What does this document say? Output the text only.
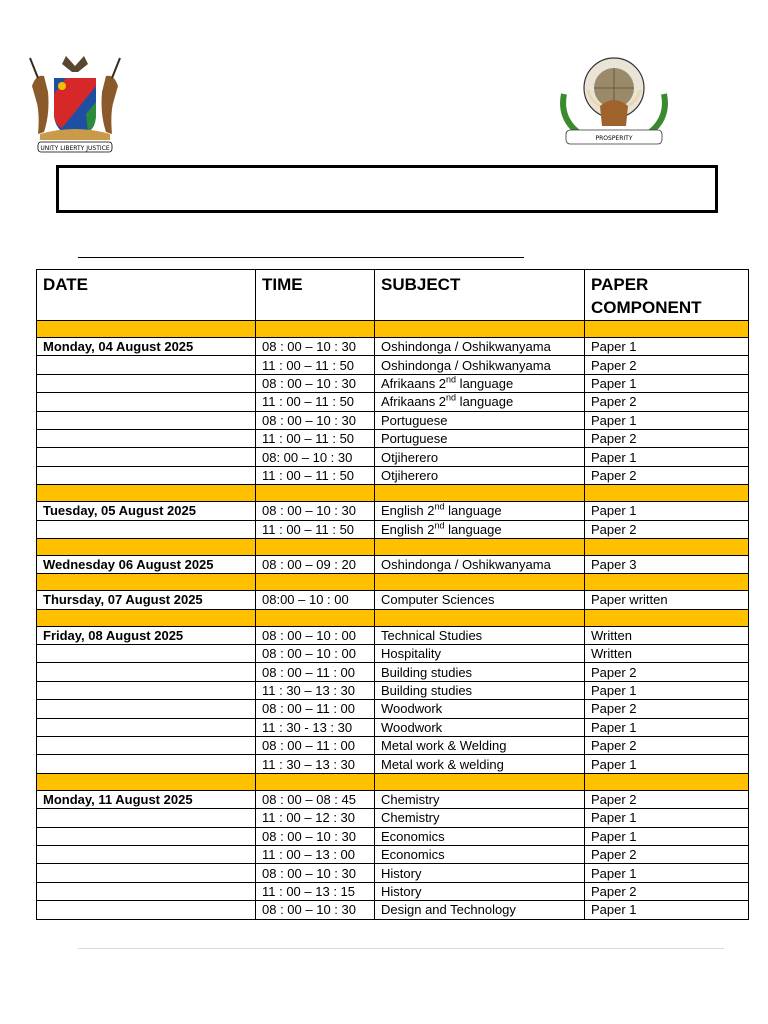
UNITY LIBERTY JUSTICE
PROSPERITY
DATE	TIME	SUBJECT	PAPER COMPONENT

Monday, 04 August 2025	08 : 00 – 10 : 30	Oshindonga / Oshikwanyama	Paper 1
	11 : 00 – 11 : 50	Oshindonga / Oshikwanyama	Paper 2
	08 : 00 – 10 : 30	Afrikaans 2nd language	Paper 1
	11 : 00 – 11 : 50	Afrikaans 2nd language	Paper 2
	08 : 00 – 10 : 30	Portuguese	Paper 1
	11 : 00 – 11 : 50	Portuguese	Paper 2
	08: 00 – 10 : 30	Otjiherero	Paper 1
	11 : 00 – 11 : 50	Otjiherero	Paper 2

Tuesday, 05 August 2025	08 : 00 – 10 : 30	English 2nd language	Paper 1
	11 : 00 – 11 : 50	English 2nd language	Paper 2

Wednesday 06 August 2025	08 : 00 – 09 : 20	Oshindonga / Oshikwanyama	Paper 3

Thursday, 07 August 2025	08:00 – 10 : 00	Computer Sciences	Paper written

Friday, 08 August 2025	08 : 00 – 10 : 00	Technical Studies	Written
	08 : 00 – 10 : 00	Hospitality	Written
	08 : 00 – 11 : 00	Building studies	Paper 2
	11 : 30 – 13 : 30	Building studies	Paper 1
	08 : 00 – 11 : 00	Woodwork	Paper 2
	11 : 30 - 13 : 30	Woodwork	Paper 1
	08 : 00 – 11 : 00	Metal work & Welding	Paper 2
	11 : 30 – 13 : 30	Metal work & welding	Paper 1

Monday, 11 August 2025	08 : 00 – 08 : 45	Chemistry	Paper 2
	11 : 00 – 12 : 30	Chemistry	Paper 1
	08 : 00 – 10 : 30	Economics	Paper 1
	11 : 00 – 13 : 00	Economics	Paper 2
	08 : 00 – 10 : 30	History	Paper 1
	11 : 00 – 13 : 15	History	Paper 2
	08 : 00 – 10 : 30	Design and Technology	Paper 1
